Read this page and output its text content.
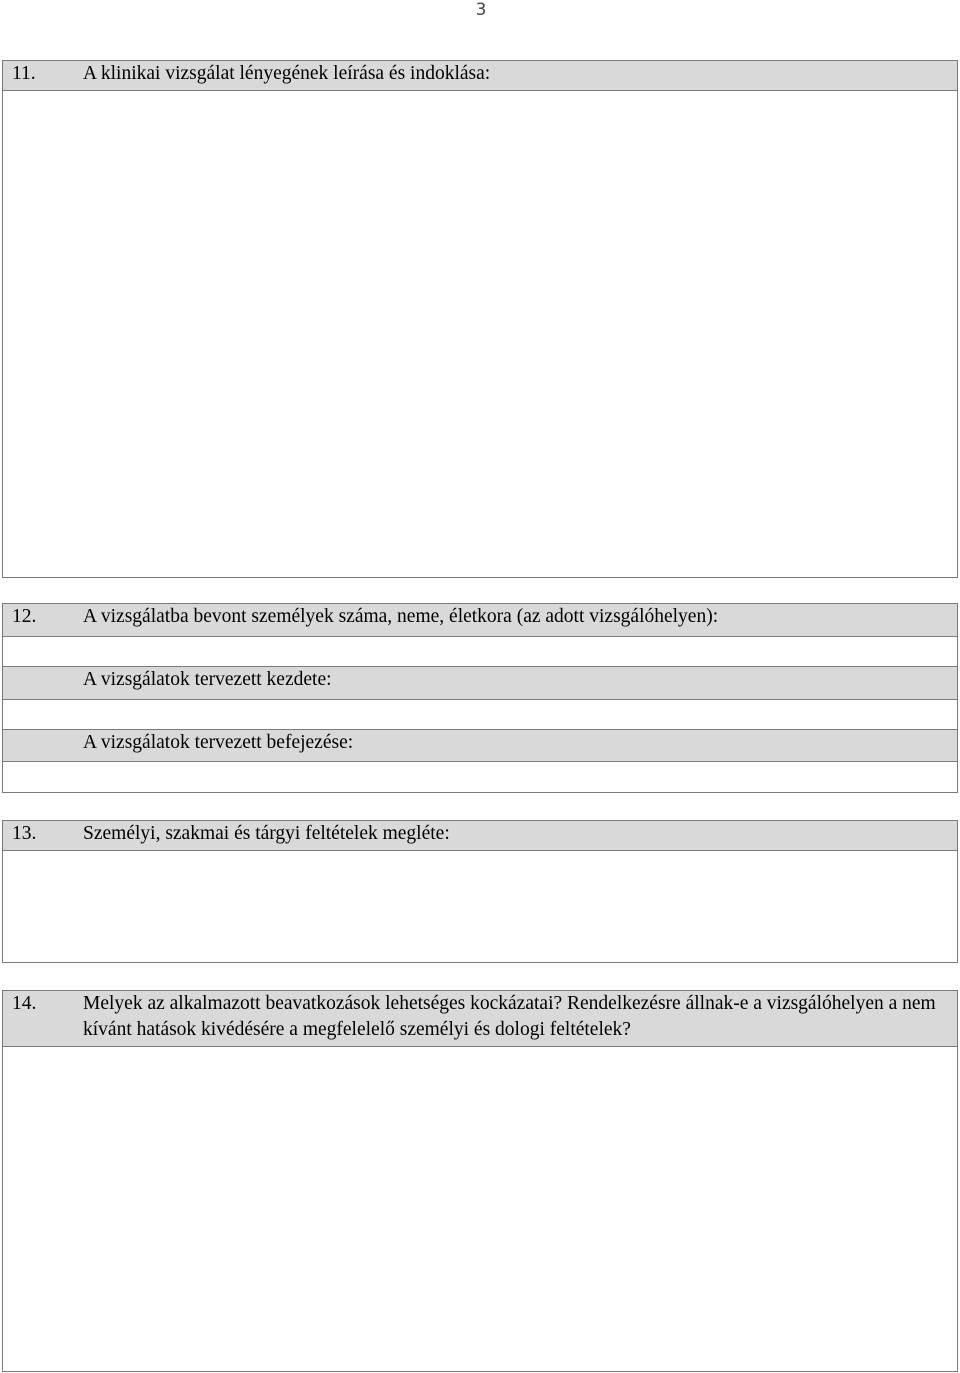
3
11.	A klinikai vizsgálat lényegének leírása és indoklása:
12.	A vizsgálatba bevont személyek száma, neme, életkora (az adott vizsgálóhelyen):
A vizsgálatok tervezett kezdete:
A vizsgálatok tervezett befejezése:
13.	Személyi, szakmai és tárgyi feltételek megléte:
14.	Melyek az alkalmazott beavatkozások lehetséges kockázatai? Rendelkezésre állnak-e a vizsgálóhelyen a nem kívánt hatások kivédésére a megfelelelő személyi és dologi feltételek?
